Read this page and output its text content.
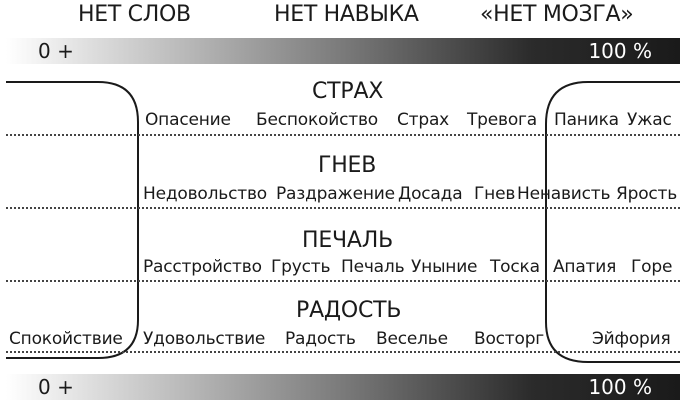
НЕТ СЛОВ	НЕТ НАВЫКА	«НЕТ МОЗГА»
0 +	100 %
СТРАХ
Опасение Беспокойство Страх Тревога Паника Ужас
ГНЕВ
Недовольство Раздражение Досада Гнев Ненависть Ярость
ПЕЧАЛЬ
Расстройство Грусть Печаль Уныние Тоска Апатия Горе
РАДОСТЬ
Спокойствие Удовольствие Радость Веселье Восторг	Эйфория
0 +	100 %
